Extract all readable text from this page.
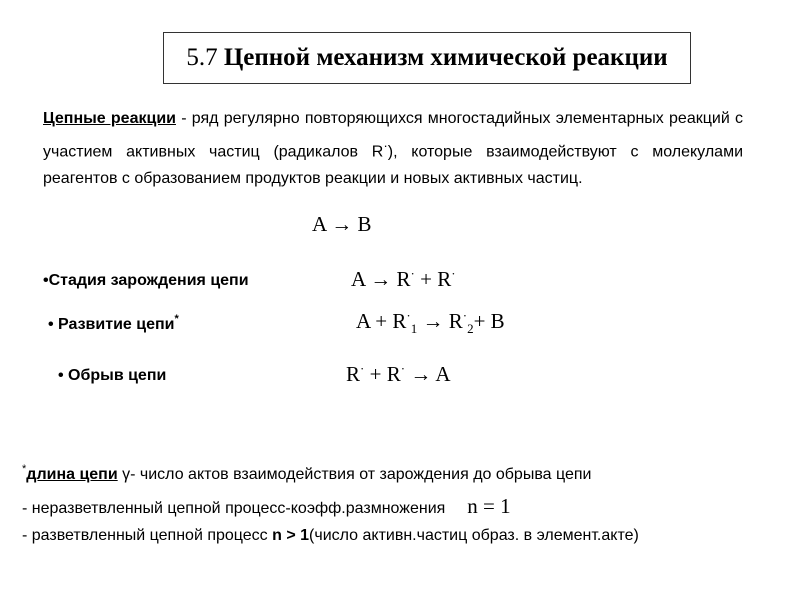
5.7
Цепной механизм химической реакции
Цепные реакции - ряд регулярно повторяющихся многостадийных элементарных реакций с участием активных частиц (радикалов R·), которые взаимодействуют с молекулами реагентов с образованием продуктов реакции и новых активных частиц.
A → B
•Стадия зарождения цепи	A → R· + R·
• Развитие цепи*	$A + R^\cdot_1 \to R^\cdot_2+ B$
• Обрыв цепи	R· + R· → A
*длина цепи γ- число актов взаимодействия от зарождения до обрыва цепи
- неразветвленный цепной процесс-коэфф.размножения n = 1
- разветвленный цепной процесс n > 1(число активн.частиц образ. в элемент.акте)
